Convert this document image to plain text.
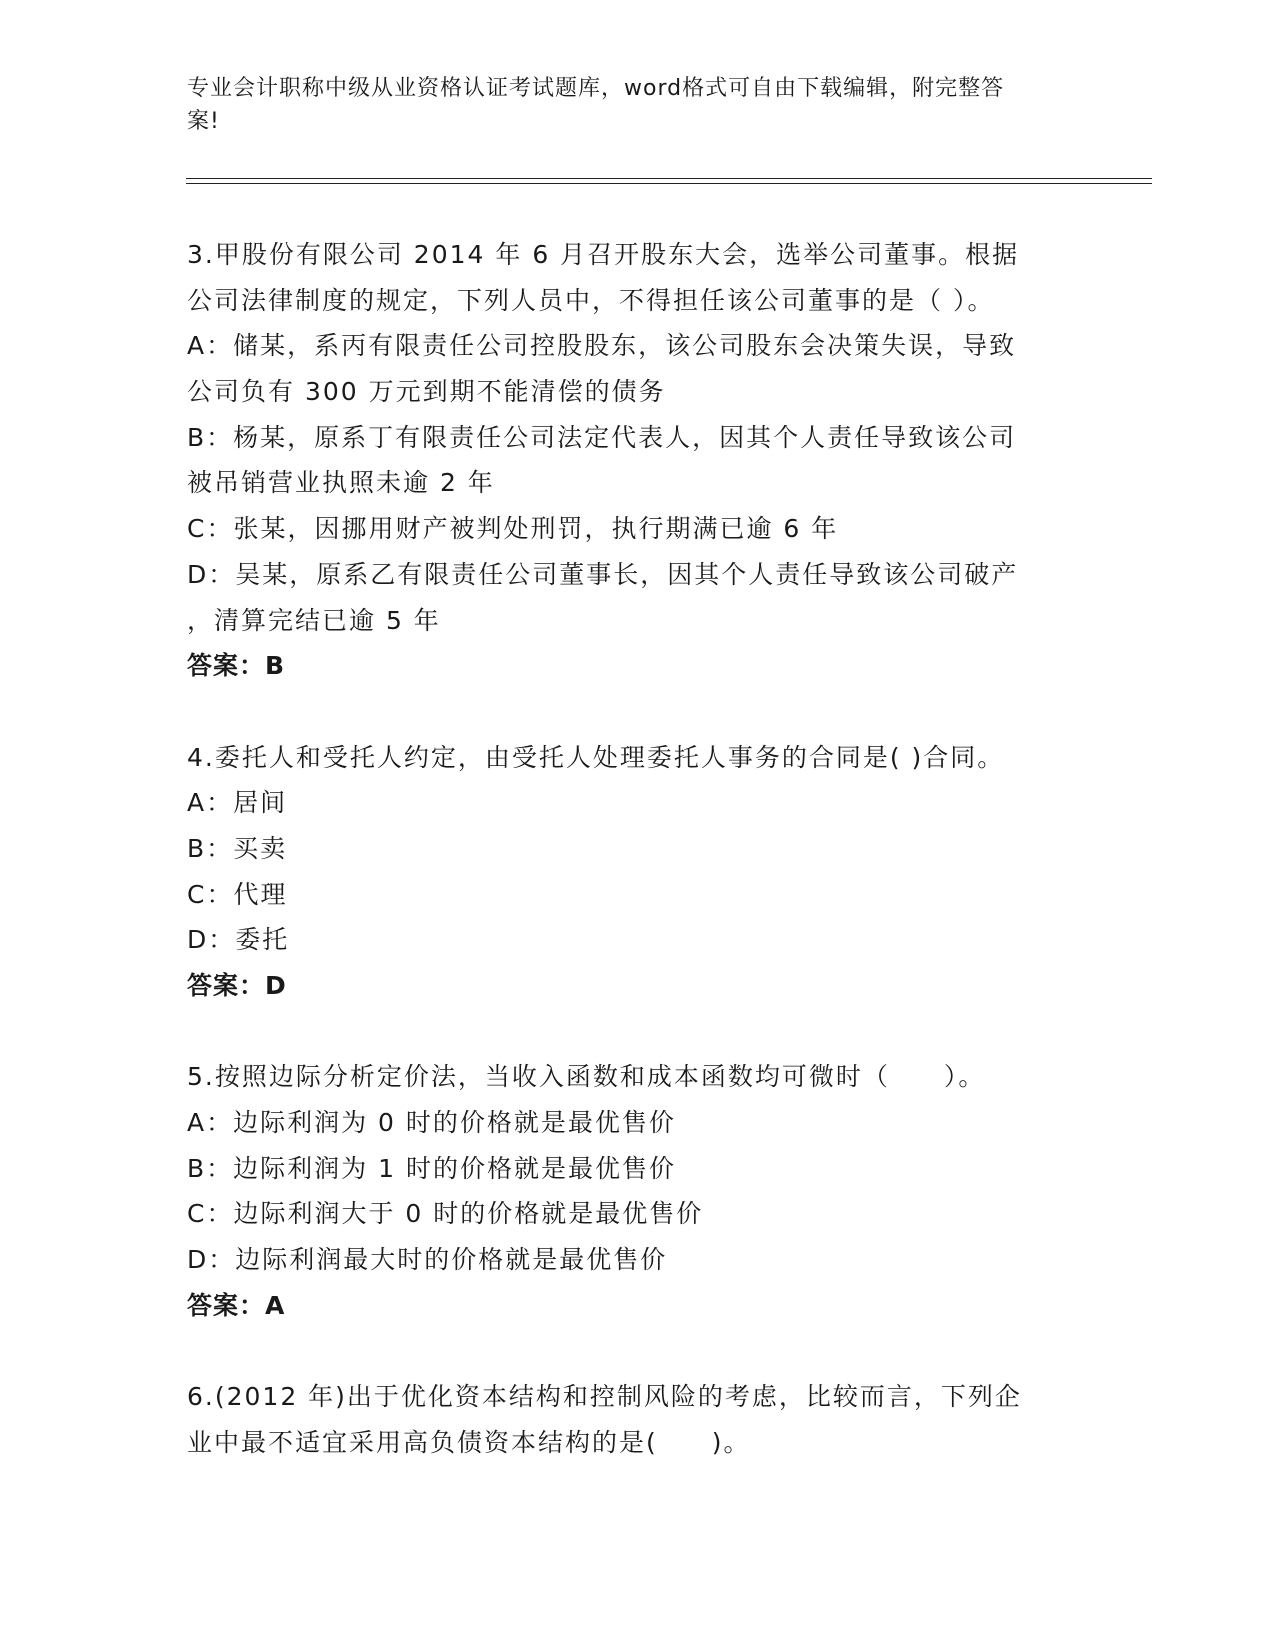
专业会计职称中级从业资格认证考试题库，word格式可自由下载编辑，附完整答
案!
3.甲股份有限公司 2014 年 6 月召开股东大会，选举公司董事。根据
公司法律制度的规定，下列人员中，不得担任该公司董事的是（ ）。
A：储某，系丙有限责任公司控股股东，该公司股东会决策失误，导致
公司负有 300 万元到期不能清偿的债务
B：杨某，原系丁有限责任公司法定代表人，因其个人责任导致该公司
被吊销营业执照未逾 2 年
C：张某，因挪用财产被判处刑罚，执行期满已逾 6 年
D：吴某，原系乙有限责任公司董事长，因其个人责任导致该公司破产
，清算完结已逾 5 年
答案：B
4.委托人和受托人约定，由受托人处理委托人事务的合同是( )合同。
A：居间
B：买卖
C：代理
D：委托
答案：D
5.按照边际分析定价法，当收入函数和成本函数均可微时（　　）。
A：边际利润为 0 时的价格就是最优售价
B：边际利润为 1 时的价格就是最优售价
C：边际利润大于 0 时的价格就是最优售价
D：边际利润最大时的价格就是最优售价
答案：A
6.(2012 年)出于优化资本结构和控制风险的考虑，比较而言，下列企
业中最不适宜采用高负债资本结构的是(　　)。
